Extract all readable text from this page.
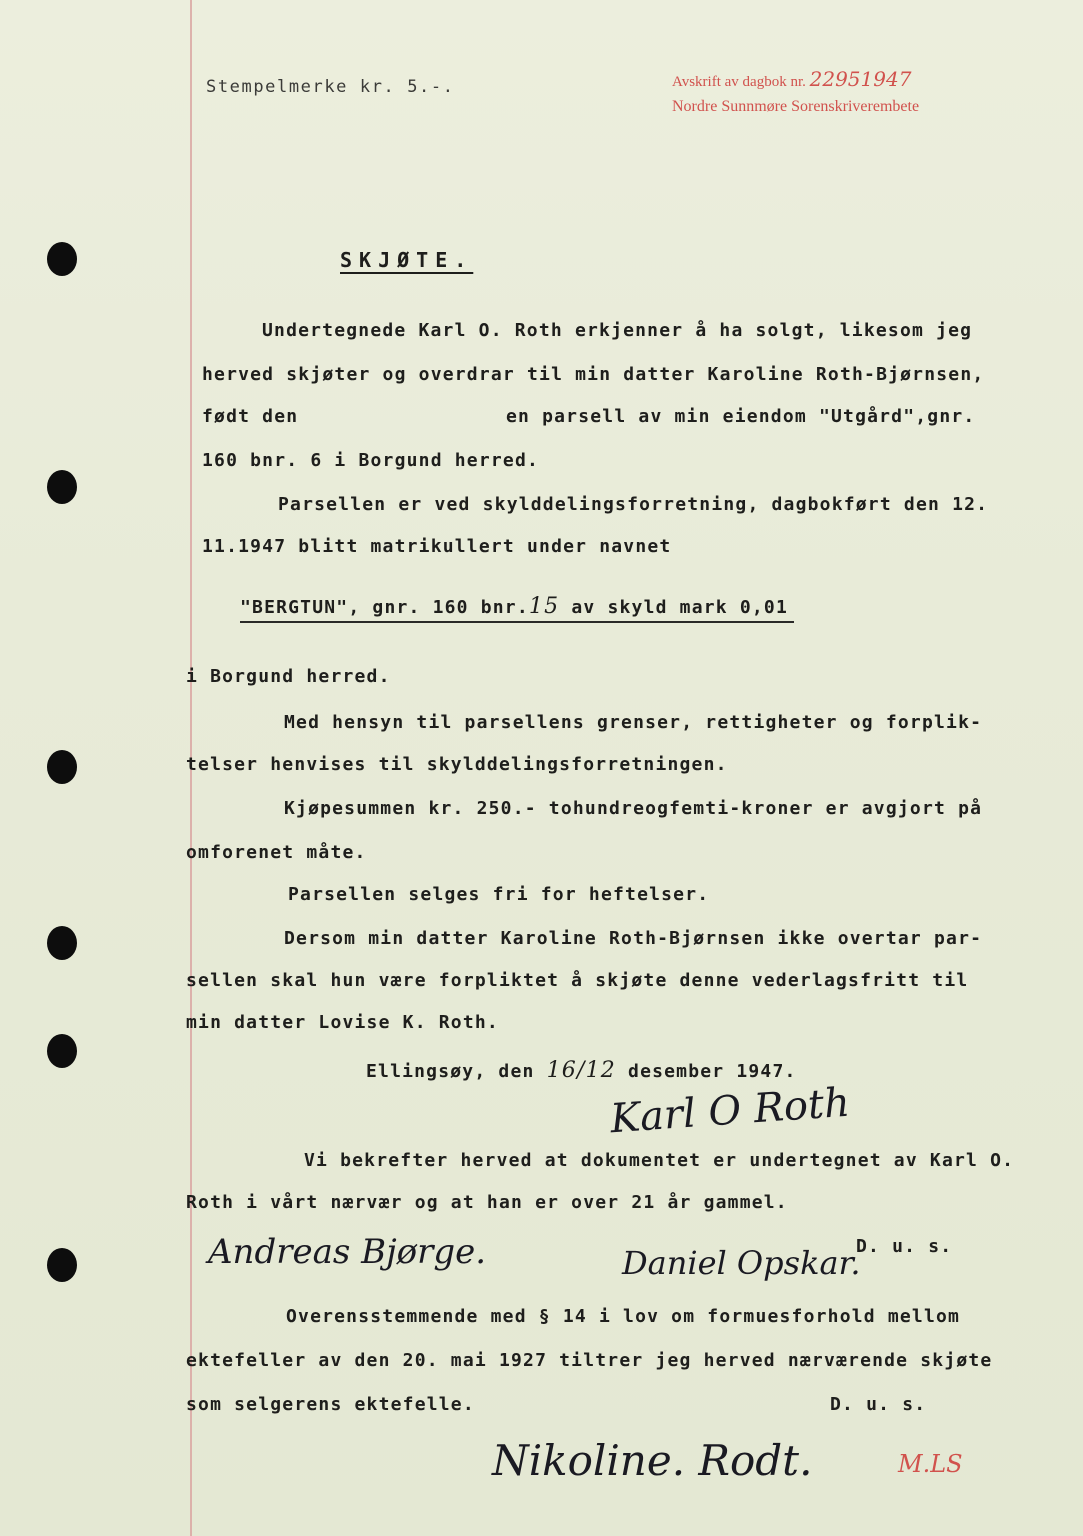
Stempelmerke kr. 5.-.	Avskrift av dagbok nr. 22951947
Nordre Sunnmøre Sorenskriverembete
SKJØTE.
Undertegnede Karl O. Roth erkjenner å ha solgt, likesom jeg
herved skjøter og overdrar til min datter Karoline Roth-Bjørnsen,
født den	en parsell av min eiendom "Utgård",gnr.
160 bnr. 6 i Borgund herred.
Parsellen er ved skylddelingsforretning, dagbokført den 12.
11.1947 blitt matrikullert under navnet
"BERGTUN", gnr. 160 bnr.15 av skyld mark 0,01
i Borgund herred.
Med hensyn til parsellens grenser, rettigheter og forplik-
telser henvises til skylddelingsforretningen.
Kjøpesummen kr. 250.- tohundreogfemti-kroner er avgjort på
omforenet måte.
Parsellen selges fri for heftelser.
Dersom min datter Karoline Roth-Bjørnsen ikke overtar par-
sellen skal hun være forpliktet å skjøte denne vederlagsfritt til
min datter Lovise K. Roth.
Ellingsøy, den 16/12 desember 1947.
Karl O Roth
Vi bekrefter herved at dokumentet er undertegnet av Karl O.
Roth i vårt nærvær og at han er over 21 år gammel.
D. u. s.
Andreas Bjørge.	Daniel Opskar.
Overensstemmende med § 14 i lov om formuesforhold mellom
ektefeller av den 20. mai 1927 tiltrer jeg herved nærværende skjøte
som selgerens ektefelle.	D. u. s.
Nikoline. Rodt.	M.LS
